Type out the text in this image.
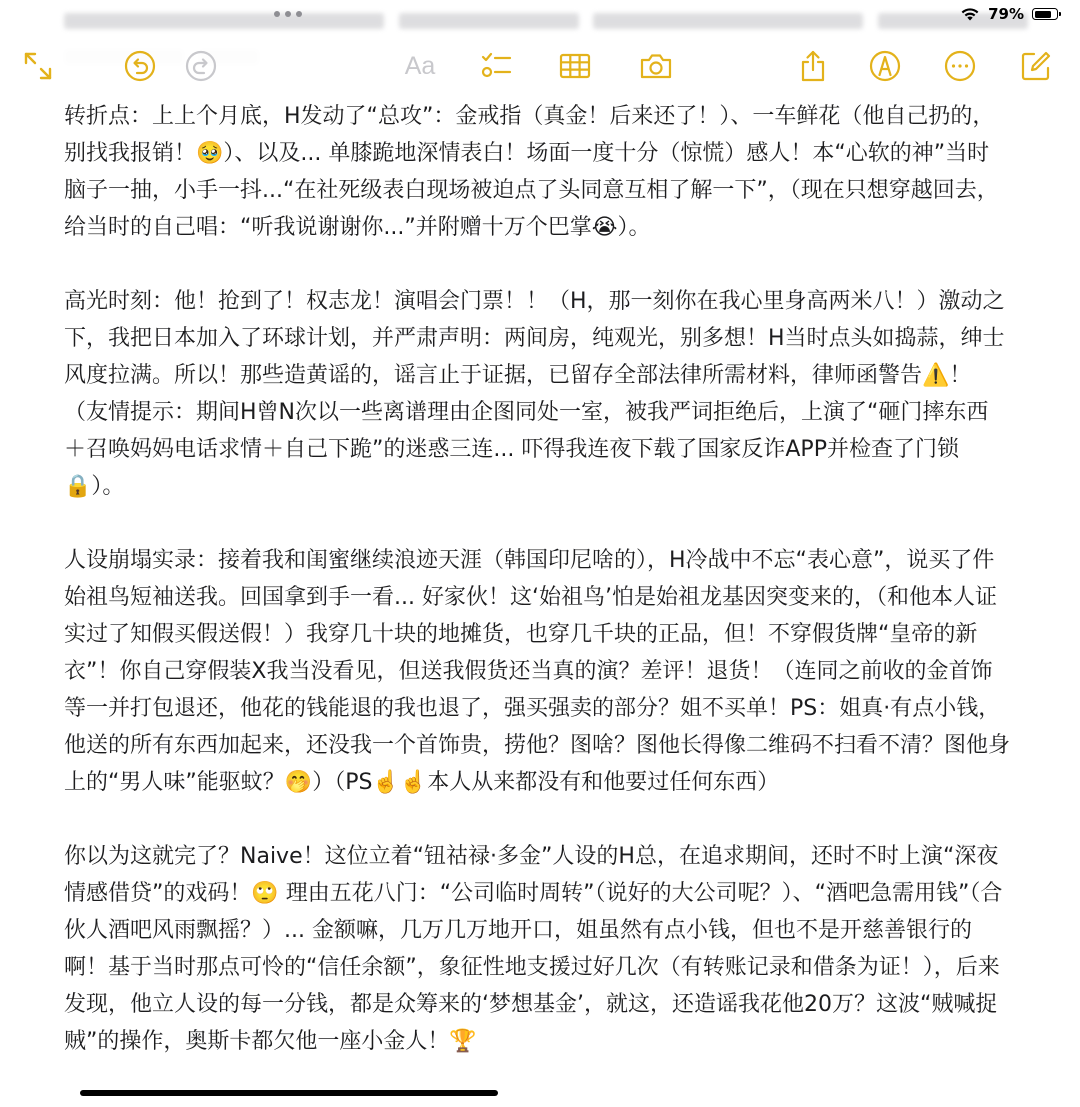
79%

Aa

转折点：上上个月底，H发动了“总攻”：金戒指（真金！后来还了！）、一车鲜花（他自己扔的，别找我报销！🥹）、以及... 单膝跪地深情表白！场面一度十分（惊慌）感人！本“心软的神”当时脑子一抽，小手一抖...“在社死级表白现场被迫点了头同意互相了解一下”，（现在只想穿越回去，给当时的自己唱：“听我说谢谢你...”并附赠十万个巴掌😭）。

高光时刻：他！抢到了！权志龙！演唱会门票！！（H，那一刻你在我心里身高两米八！）激动之下，我把日本加入了环球计划，并严肃声明：两间房，纯观光，别多想！H当时点头如捣蒜，绅士风度拉满。所以！那些造黄谣的，谣言止于证据，已留存全部法律所需材料，律师函警告⚠️！（友情提示：期间H曾N次以一些离谱理由企图同处一室，被我严词拒绝后，上演了“砸门摔东西＋召唤妈妈电话求情＋自己下跪”的迷惑三连... 吓得我连夜下载了国家反诈APP并检查了门锁🔒）。

人设崩塌实录：接着我和闺蜜继续浪迹天涯（韩国印尼啥的），H冷战中不忘“表心意”，说买了件始祖鸟短袖送我。回国拿到手一看... 好家伙！这‘始祖鸟’怕是始祖龙基因突变来的，（和他本人证实过了知假买假送假！）我穿几十块的地摊货，也穿几千块的正品，但！不穿假货牌“皇帝的新衣”！你自己穿假装X我当没看见，但送我假货还当真的演？差评！退货！（连同之前收的金首饰等一并打包退还，他花的钱能退的我也退了，强买强卖的部分？姐不买单！PS：姐真·有点小钱，他送的所有东西加起来，还没我一个首饰贵，捞他？图啥？图他长得像二维码不扫看不清？图他身上的“男人味”能驱蚊？🤭）（PS☝️☝️本人从来都没有和他要过任何东西）

你以为这就完了？Naive！这位立着“钮祜禄·多金”人设的H总，在追求期间，还时不时上演“深夜情感借贷”的戏码！🙄 理由五花八门：“公司临时周转”（说好的大公司呢？）、“酒吧急需用钱”（合伙人酒吧风雨飘摇？）... 金额嘛，几万几万地开口，姐虽然有点小钱，但也不是开慈善银行的啊！基于当时那点可怜的“信任余额”，象征性地支援过好几次（有转账记录和借条为证！），后来发现，他立人设的每一分钱，都是众筹来的‘梦想基金’，就这，还造谣我花他20万？这波“贼喊捉贼”的操作，奥斯卡都欠他一座小金人！🏆
